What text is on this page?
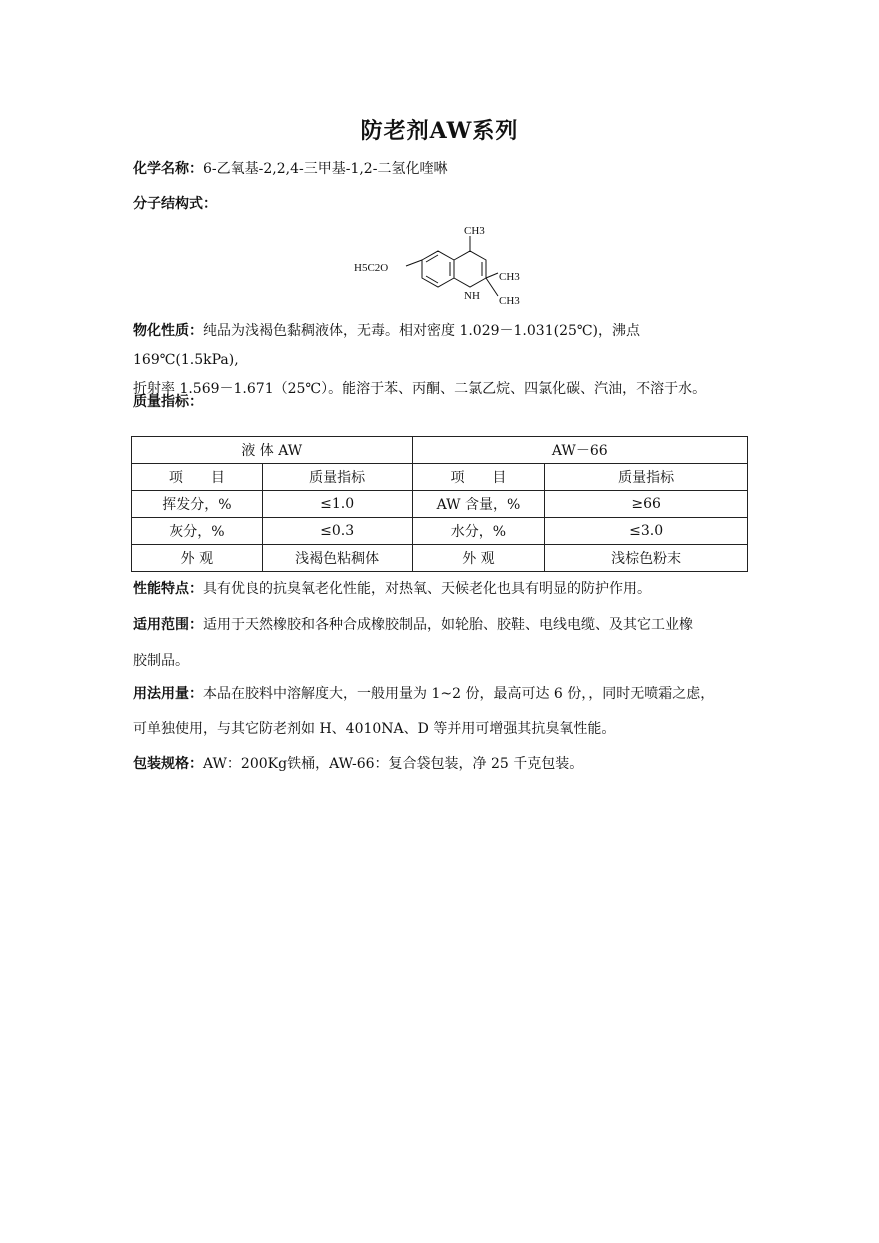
防老剂AW系列
化学名称：6-乙氧基-2,2,4-三甲基-1,2-二氢化喹啉
分子结构式：
CH3
H5C2O
CH3
CH3
NH
物化性质：纯品为浅褐色黏稠液体，无毒。相对密度 1.029－1.031(25℃)，沸点 169℃(1.5kPa),
折射率 1.569－1.671（25℃）。能溶于苯、丙酮、二氯乙烷、四氯化碳、汽油，不溶于水。
质量指标：
液 体 AW		AW－66	
项　　目	质量指标	项　　目	质量指标
挥发分，%	≤1.0	AW 含量，%	≥66
灰分，%	≤0.3	水分，%	≤3.0
外 观	浅褐色粘稠体	外 观	浅棕色粉末
性能特点：具有优良的抗臭氧老化性能，对热氧、天候老化也具有明显的防护作用。
适用范围：适用于天然橡胶和各种合成橡胶制品，如轮胎、胶鞋、电线电缆、及其它工业橡
胶制品。
用法用量：本品在胶料中溶解度大，一般用量为 1~2 份，最高可达 6 份，，同时无喷霜之虑，
可单独使用，与其它防老剂如 H、4010NA、D 等并用可增强其抗臭氧性能。
包装规格：AW：200Kg铁桶，AW-66：复合袋包装，净 25 千克包装。
